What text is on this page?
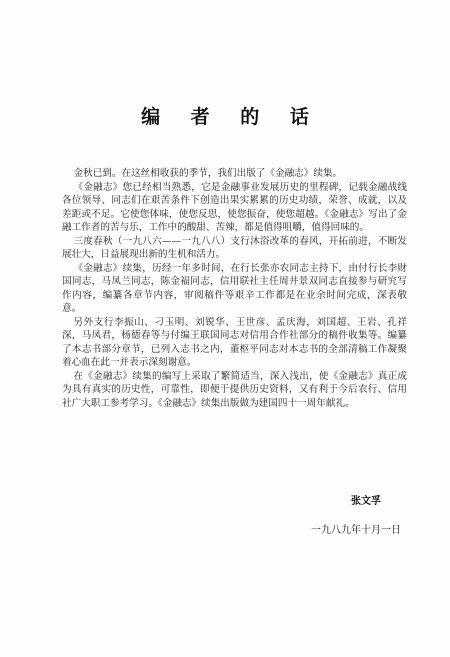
编 者 的 话

金秋已到。在这丝相收获的季节，我们出版了《金融志》续集。

《金融志》您已经相当熟悉，它是金融事业发展历史的里程碑，记载金融战线各位领导、同志们在艰苦条件下创造出果实累累的历史功绩，荣誉、成就，以及差距或不足。它使您体味，使您反思，使您振奋，使您超越。《金融志》写出了金融工作者的苦与乐，工作中的酸甜、苦辣，都是值得咀嚼，值得回味的。

三度春秋（一九八六——一九八八）支行沐浴改革的春风，开拓前进，不断发展壮大，日益展现出新的生机和活力。

《金融志》续集，历经一年多时间，在行长张亦农同志主持下，由付行长李财国同志，马凤兰同志，陈金福同志，信用联社主任周井景双同志直接参与研究写作内容，编纂各章节内容，审阅稿件等艰辛工作都是在业余时间完成，深表敬意。

另外支行李振山、刁玉明、刘锐华、王世彦、孟庆海，刘国超、王岩、孔祥深，马凤君，杨德春等与付编王联国同志对信用合作社部分的稿件收集等。编纂了本志书部分章节，已列入志书之内，董枢平同志对本志书的全部清稿工作凝聚着心血在此一并表示深刻谢意。

在《金融志》续集的编写上采取了繁简适当，深入浅出，使《金融志》真正成为具有真实的历史性，可靠性，即便于提供历史资料，又有利于今后农行、信用社广大职工参考学习。《金融志》续集出版做为建国四十一周年献礼。

张文孚
一九八九年十月一日
